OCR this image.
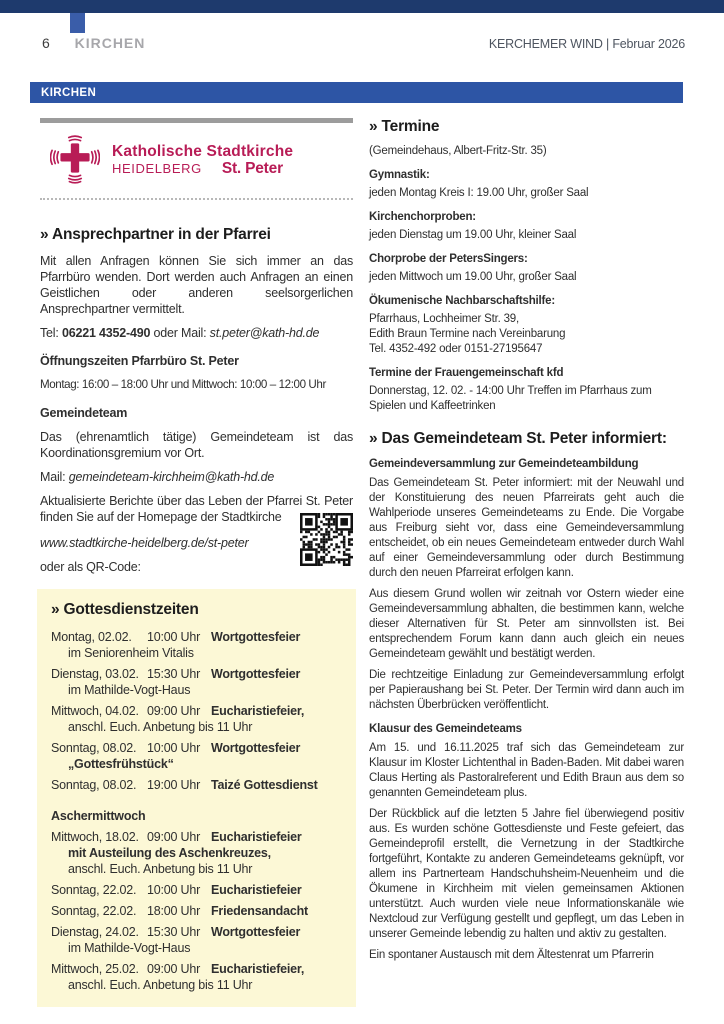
6 KIRCHEN	KERCHEMER WIND | Februar 2026
KIRCHEN
Katholische Stadtkirche
HEIDELBERG St. Peter
» Ansprechpartner in der Pfarrei

Mit allen Anfragen können Sie sich immer an das Pfarrbüro wenden. Dort werden auch Anfragen an einen Geistlichen oder anderen seelsorgerlichen Ansprechpartner vermittelt.

Tel: 06221 4352-490 oder Mail: st.peter@kath-hd.de

Öffnungszeiten Pfarrbüro St. Peter
Montag: 16:00 – 18:00 Uhr und Mittwoch: 10:00 – 12:00 Uhr
Gemeindeteam

Das (ehrenamtlich tätige) Gemeindeteam ist das Koordinationsgremium vor Ort.

Mail: gemeindeteam-kirchheim@kath-hd.de

Aktualisierte Berichte über das Leben der Pfarrei St. Peter finden Sie auf der Homepage der Stadtkirche

www.stadtkirche-heidelberg.de/st-peter
oder als QR-Code:
» Gottesdienstzeiten
Montag, 02.02.	10:00 Uhr Wortgottesfeier
im Seniorenheim Vitalis
Dienstag, 03.02. 15:30 Uhr Wortgottesfeier
im Mathilde-Vogt-Haus
Mittwoch, 04.02. 09:00 Uhr Eucharistiefeier,
anschl. Euch. Anbetung bis 11 Uhr
Sonntag, 08.02. 10:00 Uhr Wortgottesfeier
„Gottesfrühstück“
Sonntag, 08.02. 19:00 Uhr Taizé Gottesdienst
Aschermittwoch
Mittwoch, 18.02. 09:00 Uhr Eucharistiefeier
mit Austeilung des Aschenkreuzes,
anschl. Euch. Anbetung bis 11 Uhr
Sonntag, 22.02. 10:00 Uhr Eucharistiefeier
Sonntag, 22.02. 18:00 Uhr Friedensandacht
Dienstag, 24.02. 15:30 Uhr Wortgottesfeier
im Mathilde-Vogt-Haus
Mittwoch, 25.02. 09:00 Uhr Eucharistiefeier,
anschl. Euch. Anbetung bis 11 Uhr
» Termine
(Gemeindehaus, Albert-Fritz-Str. 35)
Gymnastik:
jeden Montag Kreis I: 19.00 Uhr, großer Saal
Kirchenchorproben:
jeden Dienstag um 19.00 Uhr, kleiner Saal
Chorprobe der PetersSingers:
jeden Mittwoch um 19.00 Uhr, großer Saal
Ökumenische Nachbarschaftshilfe:
Pfarrhaus, Lochheimer Str. 39,
Edith Braun Termine nach Vereinbarung
Tel. 4352-492 oder 0151-27195647
Termine der Frauengemeinschaft kfd
Donnerstag, 12. 02. - 14:00 Uhr Treffen im Pfarrhaus zum Spielen und Kaffeetrinken
» Das Gemeindeteam St. Peter informiert:
Gemeindeversammlung zur Gemeindeteambildung

Das Gemeindeteam St. Peter informiert: mit der Neuwahl und der Konstituierung des neuen Pfarreirats geht auch die Wahlperiode unseres Gemeindeteams zu Ende. Die Vorgabe aus Freiburg sieht vor, dass eine Gemeindeversammlung entscheidet, ob ein neues Gemeindeteam entweder durch Wahl auf einer Gemeindeversammlung oder durch Bestimmung durch den neuen Pfarreirat erfolgen kann.

Aus diesem Grund wollen wir zeitnah vor Ostern wieder eine Gemeindeversammlung abhalten, die bestimmen kann, welche dieser Alternativen für St. Peter am sinnvollsten ist. Bei entsprechendem Forum kann dann auch gleich ein neues Gemeindeteam gewählt und bestätigt werden.

Die rechtzeitige Einladung zur Gemeindeversammlung erfolgt per Papieraushang bei St. Peter. Der Termin wird dann auch im nächsten Überbrücken veröffentlicht.

Klausur des Gemeindeteams

Am 15. und 16.11.2025 traf sich das Gemeindeteam zur Klausur im Kloster Lichtenthal in Baden-Baden. Mit dabei waren Claus Herting als Pastoralreferent und Edith Braun aus dem so genannten Gemeindeteam plus.

Der Rückblick auf die letzten 5 Jahre fiel überwiegend positiv aus. Es wurden schöne Gottesdienste und Feste gefeiert, das Gemeindeprofil erstellt, die Vernetzung in der Stadtkirche fortgeführt, Kontakte zu anderen Gemeindeteams geknüpft, vor allem ins Partnerteam Handschuhsheim-Neuenheim und die Ökumene in Kirchheim mit vielen gemeinsamen Aktionen unterstützt. Auch wurden viele neue Informationskanäle wie Nextcloud zur Verfügung gestellt und gepflegt, um das Leben in unserer Gemeinde lebendig zu halten und aktiv zu gestalten.

Ein spontaner Austausch mit dem Ältestenrat um Pfarrerin
